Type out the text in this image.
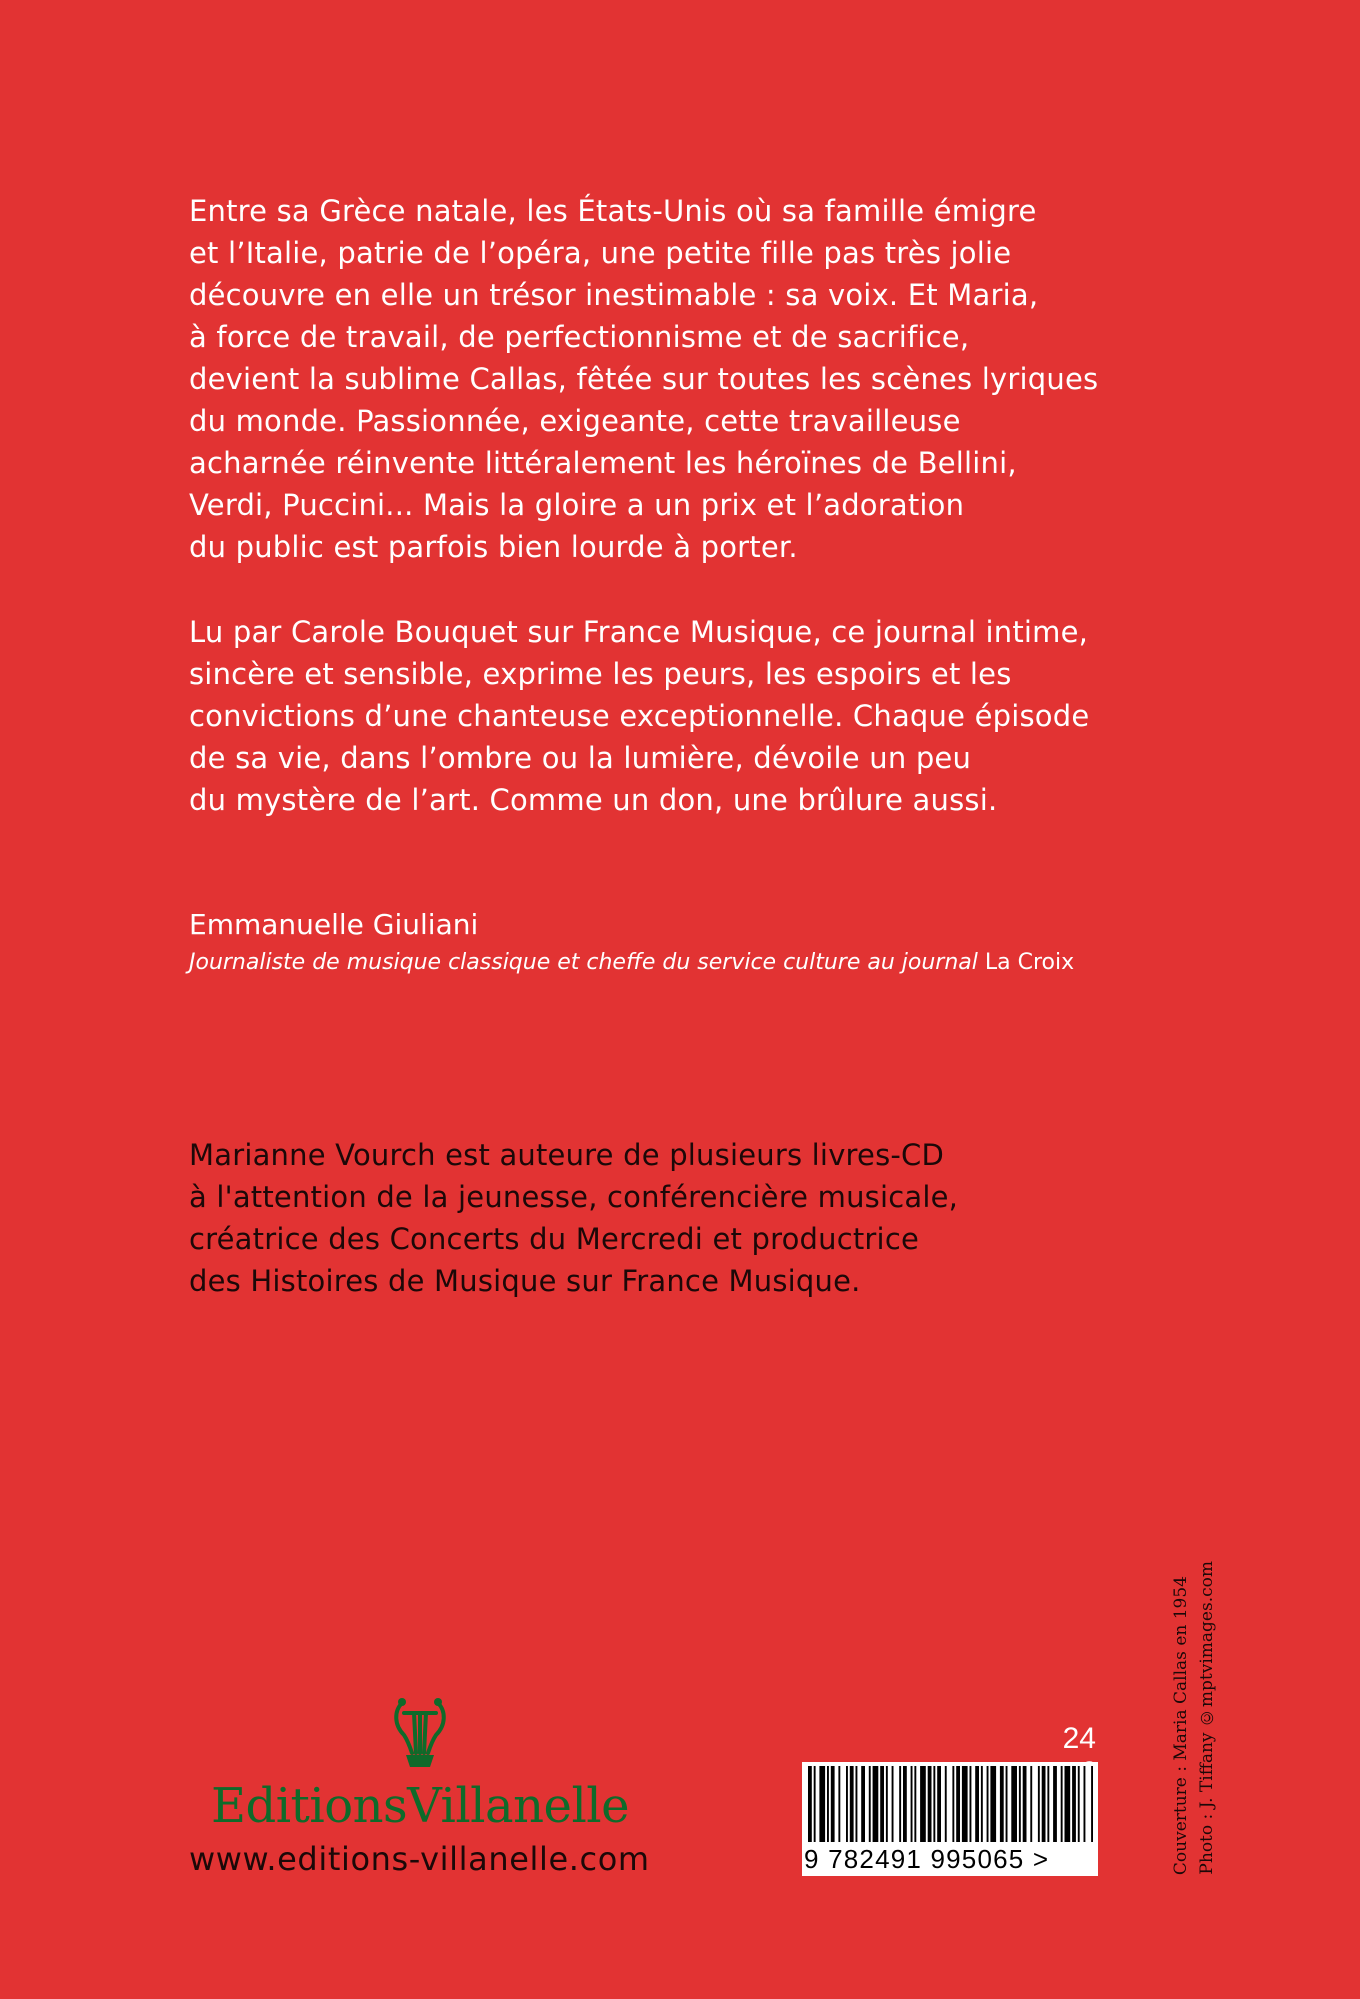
Entre sa Grèce natale, les États-Unis où sa famille émigre
et l’Italie, patrie de l’opéra, une petite fille pas très jolie
découvre en elle un trésor inestimable : sa voix. Et Maria,
à force de travail, de perfectionnisme et de sacrifice,
devient la sublime Callas, fêtée sur toutes les scènes lyriques
du monde. Passionnée, exigeante, cette travailleuse
acharnée réinvente littéralement les héroïnes de Bellini,
Verdi, Puccini... Mais la gloire a un prix et l’adoration
du public est parfois bien lourde à porter.

Lu par Carole Bouquet sur France Musique, ce journal intime,
sincère et sensible, exprime les peurs, les espoirs et les
convictions d’une chanteuse exceptionnelle. Chaque épisode
de sa vie, dans l’ombre ou la lumière, dévoile un peu
du mystère de l’art. Comme un don, une brûlure aussi.

Emmanuelle Giuliani
Journaliste de musique classique et cheffe du service culture au journal La Croix

Marianne Vourch est auteure de plusieurs livres-CD
à l'attention de la jeunesse, conférencière musicale,
créatrice des Concerts du Mercredi et productrice
des Histoires de Musique sur France Musique.

EditionsVillanelle
www.editions-villanelle.com
24
9 782491 995065 >	Couverture : Maria Callas en 1954 Photo : J. Tiffany ©mptvimages.com
